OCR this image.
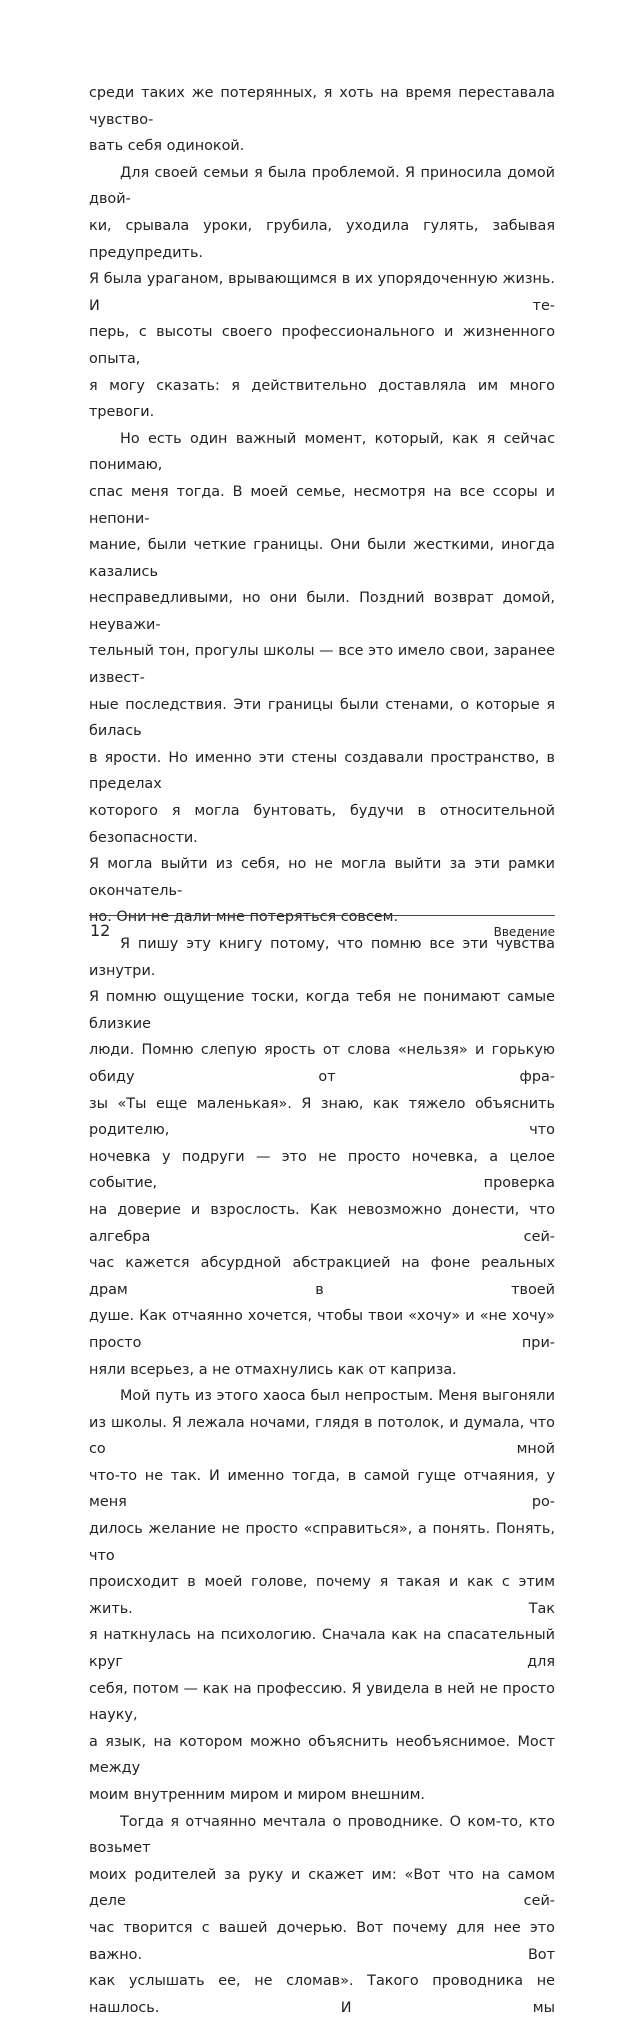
среди таких же потерянных, я хоть на время переставала чувство-

вать себя одинокой.

Для своей семьи я была проблемой. Я приносила домой двой-

ки, срывала уроки, грубила, уходила гулять, забывая предупредить.

Я была ураганом, врывающимся в их упорядоченную жизнь. И те-

перь, с высоты своего профессионального и жизненного опыта,

я могу сказать: я действительно доставляла им много тревоги.

Но есть один важный момент, который, как я сейчас понимаю,

спас меня тогда. В моей семье, несмотря на все ссоры и непони-

мание, были четкие границы. Они были жесткими, иногда казались

несправедливыми, но они были. Поздний возврат домой, неуважи-

тельный тон, прогулы школы — все это имело свои, заранее извест-

ные последствия. Эти границы были стенами, о которые я билась

в ярости. Но именно эти стены создавали пространство, в пределах

которого я могла бунтовать, будучи в относительной безопасности.

Я могла выйти из себя, но не могла выйти за эти рамки окончатель-

но. Они не дали мне потеряться совсем.

Я пишу эту книгу потому, что помню все эти чувства изнутри.

Я помню ощущение тоски, когда тебя не понимают самые близкие

люди. Помню слепую ярость от слова «нельзя» и горькую обиду от фра-

зы «Ты еще маленькая». Я знаю, как тяжело объяснить родителю, что

ночевка у подруги — это не просто ночевка, а целое событие, проверка

на доверие и взрослость. Как невозможно донести, что алгебра сей-

час кажется абсурдной абстракцией на фоне реальных драм в твоей

душе. Как отчаянно хочется, чтобы твои «хочу» и «не хочу» просто при-

няли всерьез, а не отмахнулись как от каприза.

Мой путь из этого хаоса был непростым. Меня выгоняли

из школы. Я лежала ночами, глядя в потолок, и думала, что со мной

что-то не так. И именно тогда, в самой гуще отчаяния, у меня ро-

дилось желание не просто «справиться», а понять. Понять, что

происходит в моей голове, почему я такая и как с этим жить. Так

я наткнулась на психологию. Сначала как на спасательный круг для

себя, потом — как на профессию. Я увидела в ней не просто науку,

а язык, на котором можно объяснить необъяснимое. Мост между

моим внутренним миром и миром внешним.

Тогда я отчаянно мечтала о проводнике. О ком-то, кто возьмет

моих родителей за руку и скажет им: «Вот что на самом деле сей-

час творится с вашей дочерью. Вот почему для нее это важно. Вот

как услышать ее, не сломав». Такого проводника не нашлось. И мы

12	Введение
